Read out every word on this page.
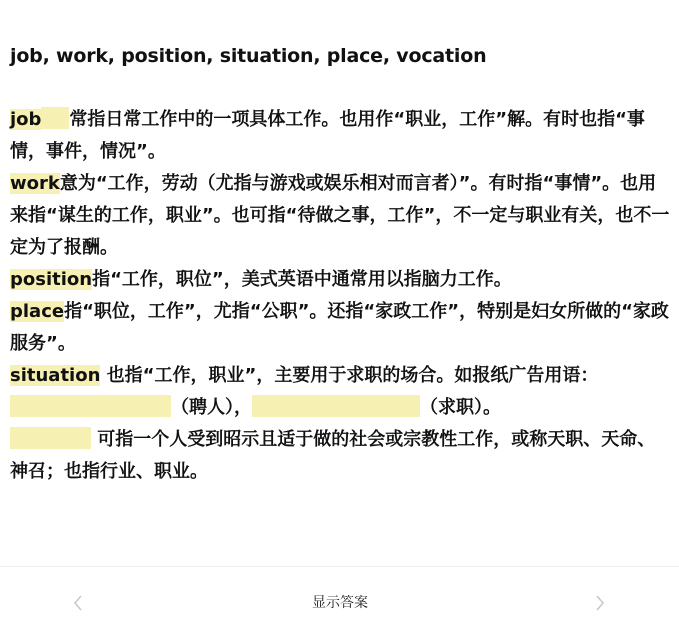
job, work, position, situation, place, vocation

job 常指日常工作中的一项具体工作。也用作“职业，工作”解。有时也指“事情，事件，情况”。

work意为“工作，劳动（尤指与游戏或娱乐相对而言者）”。有时指“事情”。也用来指“谋生的工作，职业”。也可指“待做之事，工作”，不一定与职业有关，也不一定为了报酬。

position指“工作，职位”，美式英语中通常用以指脑力工作。

place指“职位，工作”，尤指“公职”。还指“家政工作”，特别是妇女所做的“家政服务”。

situation 也指“工作，职业”，主要用于求职的场合。如报纸广告用语：（聘人），	（求职）。

可指一个人受到昭示且适于做的社会或宗教性工作，或称天职、天命、神召；也指行业、职业。

显示答案
